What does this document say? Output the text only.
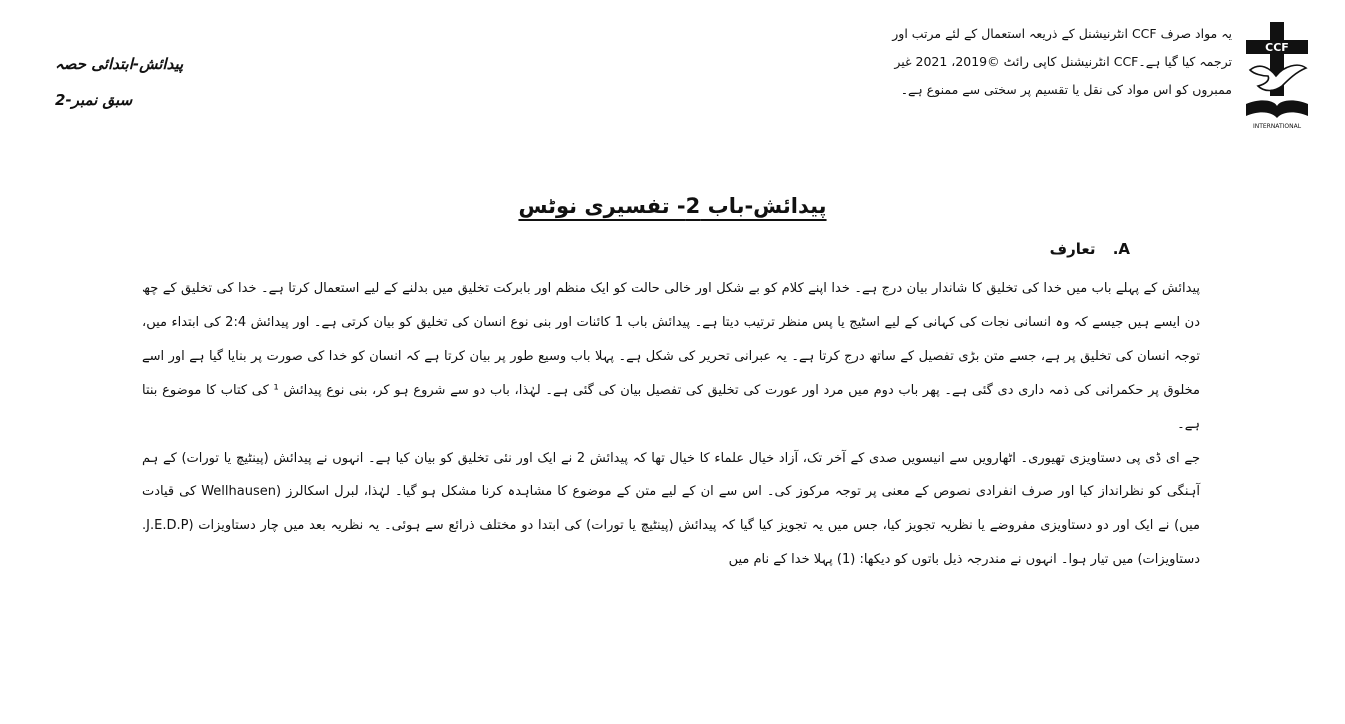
پیدائش-ابتدائی حصہ
سبق نمبر-2
یہ مواد صرف CCF انٹرنیشنل کے ذریعہ استعمال کے لئے مرتب اور
ترجمہ کیا گیا ہے۔CCF انٹرنیشنل کاپی رائٹ ©2019، 2021 غیر
ممبروں کو اس مواد کی نقل یا تقسیم پر سختی سے ممنوع ہے۔
CCF
INTERNATIONAL
پیدائش-باب 2- تفسیری نوٹس
A. تعارف

پیدائش کے پہلے باب میں خدا کی تخلیق کا شاندار بیان درج ہے۔ خدا اپنے کلام کو بے شکل اور خالی حالت کو ایک منظم اور بابرکت تخلیق میں بدلنے کے لیے استعمال کرتا ہے۔ خدا کی تخلیق کے چھ دن ایسے ہیں جیسے کہ وہ انسانی نجات کی کہانی کے لیے اسٹیج یا پس منظر ترتیب دیتا ہے۔ پیدائش باب 1 کائنات اور بنی نوع انسان کی تخلیق کو بیان کرتی ہے۔ اور پیدائش 2:4 کی ابتداء میں، توجہ انسان کی تخلیق پر ہے، جسے متن بڑی تفصیل کے ساتھ درج کرتا ہے۔ یہ عبرانی تحریر کی شکل ہے۔ پہلا باب وسیع طور پر بیان کرتا ہے کہ انسان کو خدا کی صورت پر بنایا گیا ہے اور اسے مخلوق پر حکمرانی کی ذمہ داری دی گئی ہے۔ پھر باب دوم میں مرد اور عورت کی تخلیق کی تفصیل بیان کی گئی ہے۔ لہٰذا، باب دو سے شروع ہو کر، بنی نوع پیدائش ¹ کی کتاب کا موضوع بنتا ہے۔

جے ای ڈی پی دستاویزی تھیوری۔ اٹھارویں سے انیسویں صدی کے آخر تک، آزاد خیال علماء کا خیال تھا کہ پیدائش 2 نے ایک اور نئی تخلیق کو بیان کیا ہے۔ انہوں نے پیدائش (پینٹیچ یا تورات) کے ہم آہنگی کو نظرانداز کیا اور صرف انفرادی نصوص کے معنی پر توجہ مرکوز کی۔ اس سے ان کے لیے متن کے موضوع کا مشاہدہ کرنا مشکل ہو گیا۔ لہٰذا، لبرل اسکالرز (Wellhausen کی قیادت میں) نے ایک اور دو دستاویزی مفروضے یا نظریہ تجویز کیا، جس میں یہ تجویز کیا گیا کہ پیدائش (پینٹیچ یا تورات) کی ابتدا دو مختلف ذرائع سے ہوئی۔ یہ نظریہ بعد میں چار دستاویزات (J.E.D.P. دستاویزات) میں تیار ہوا۔ انہوں نے مندرجہ ذیل باتوں کو دیکھا: (1) پہلا خدا کے نام میں
